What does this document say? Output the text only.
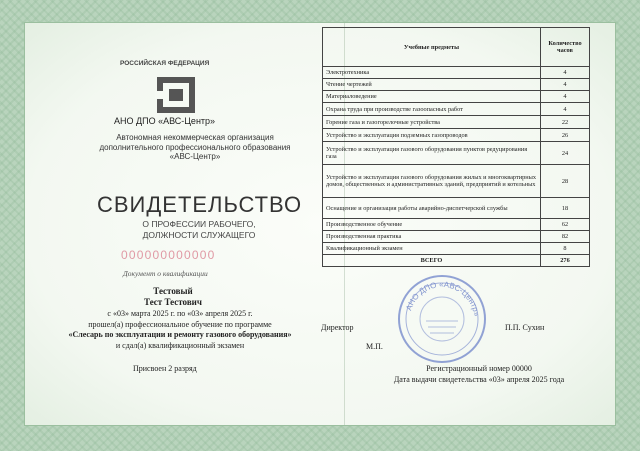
РОССИЙСКАЯ ФЕДЕРАЦИЯ
АНО ДПО «АВС-Центр»
Автономная некоммерческая организация
дополнительного профессионального образования
«АВС-Центр»
СВИДЕТЕЛЬСТВО
О ПРОФЕССИИ РАБОЧЕГО,
ДОЛЖНОСТИ СЛУЖАЩЕГО
000000000000
Документ о квалификации
Тестовый
Тест Тестович
с «03» марта 2025 г. по «03» апреля 2025 г.
прошел(а) профессиональное обучение по программе
«Слесарь по эксплуатации и ремонту газового оборудования»
и сдал(а) квалификационный экзамен
Присвоен 2 разряд
Учебные предметы	Количество часов
Электротехника	4
Чтение чертежей	4
Материаловедение	4
Охрана труда при производстве газоопасных работ	4
Горение газа и газогорелочные устройства	22
Устройство и эксплуатация подземных газопроводов	26
Устройство и эксплуатация газового оборудования пунктов редуцирования газа	24
Устройство и эксплуатация газового оборудования жилых и многоквартирных домов, общественных и административных зданий, предприятий и котельных	28
Оснащение и организация работы аварийно-диспетчерской службы	18
Производственное обучение	62
Производственная практика	82
Квалификационный экзамен	8
ВСЕГО	276
АНО ДПО «АВС-Центр»
Директор	П.П. Сухин
М.П.
Регистрационный номер 00000
Дата выдачи свидетельства «03» апреля 2025 года
